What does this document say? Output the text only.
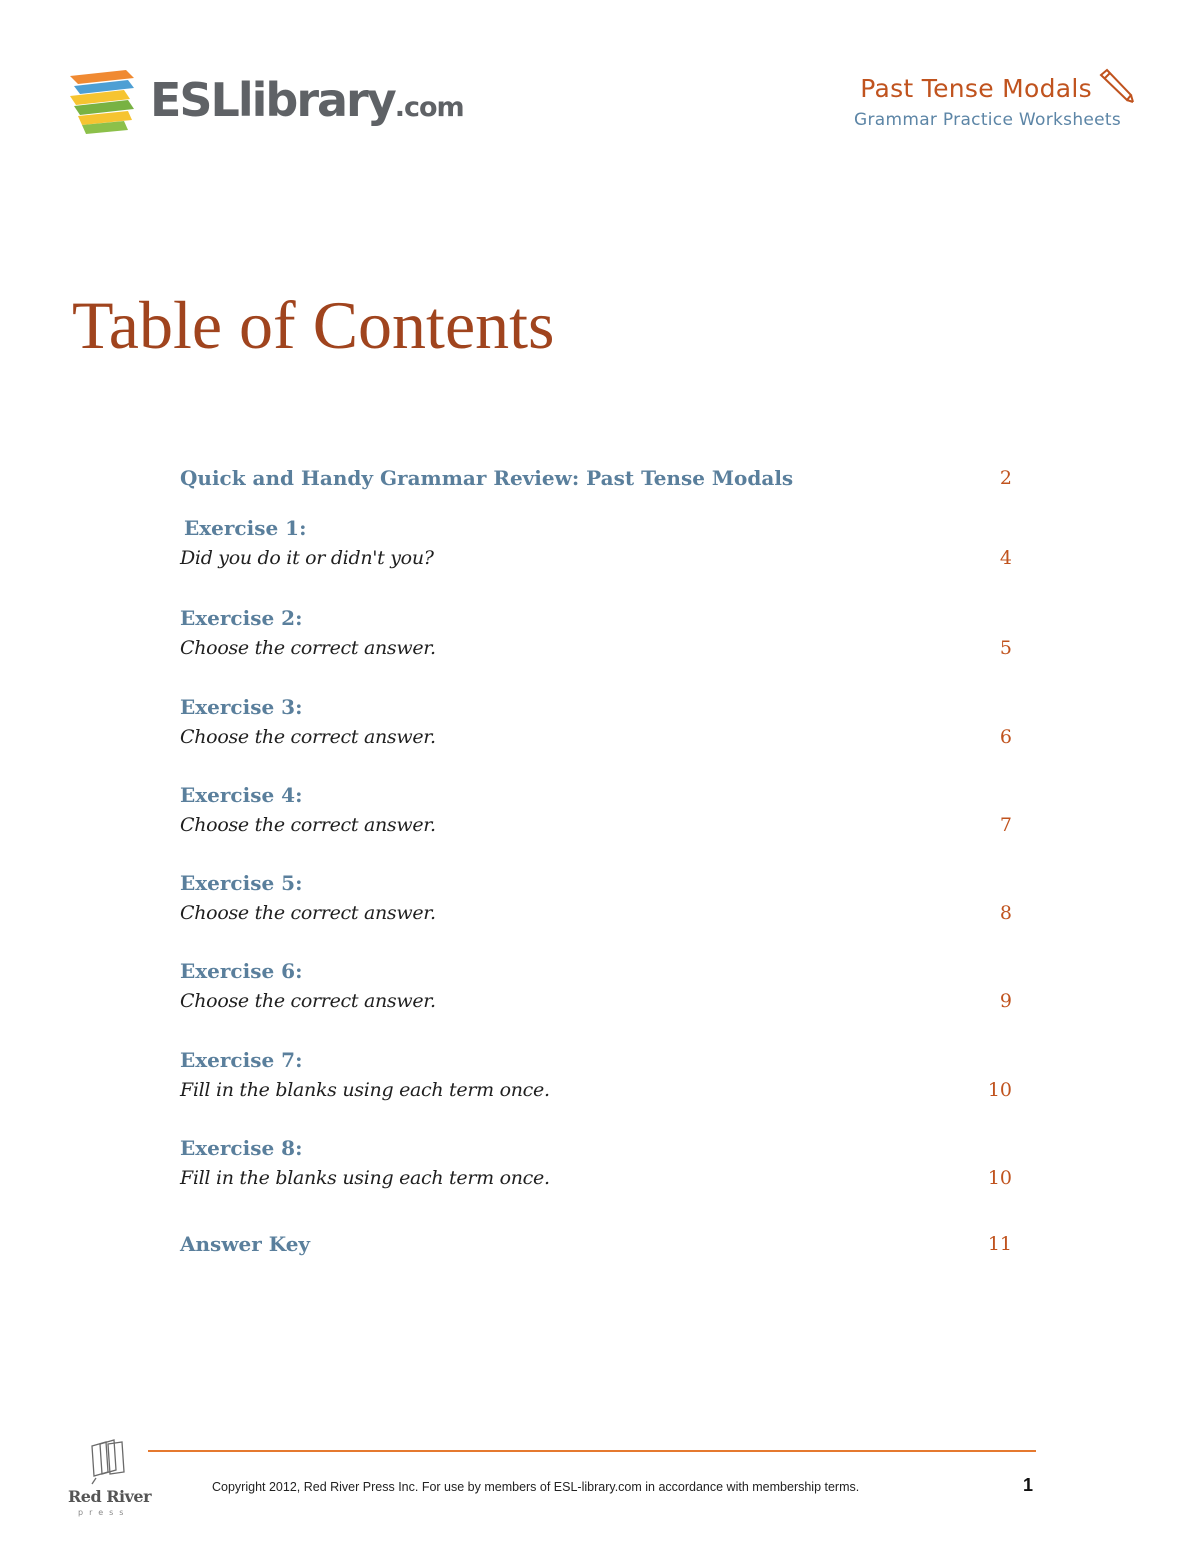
ESLlibrary.com
Past Tense Modals
Grammar Practice Worksheets
Table of Contents
Quick and Handy Grammar Review: Past Tense Modals	2
Exercise 1:
Did you do it or didn't you?	4
Exercise 2:
Choose the correct answer.	5
Exercise 3:
Choose the correct answer.	6
Exercise 4:
Choose the correct answer.	7
Exercise 5:
Choose the correct answer.	8
Exercise 6:
Choose the correct answer.	9
Exercise 7:
Fill in the blanks using each term once.	10
Exercise 8:
Fill in the blanks using each term once.	10
Answer Key	11
Red River
press
Copyright 2012, Red River Press Inc. For use by members of ESL-library.com in accordance with membership terms.	1
